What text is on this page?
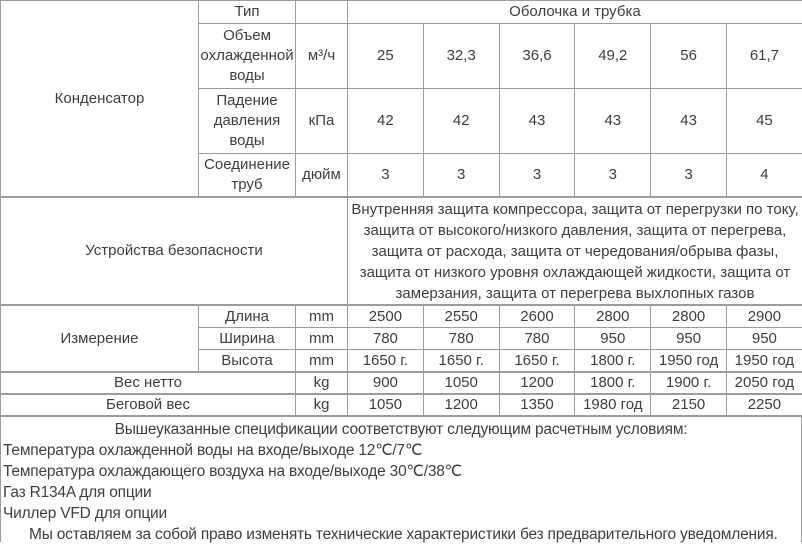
Конденсатор	Тип		Оболочка и трубка					
	Объем охлажденной воды	м³/ч	25	32,3	36,6	49,2	56	61,7
	Падение давления воды	кПа	42	42	43	43	43	45
	Соединение труб	дюйм	3	3	3	3	3	4
Устройства безопасности	
Внутренняя защита компрессора, защита от перегрузки по току,
защита от высокого/низкого давления, защита от перегрева,
защита от расхода, защита от чередования/обрыва фазы,
защита от низкого уровня охлаждающей жидкости, защита от
замерзания, защита от перегрева выхлопных газов
Измерение	Длина	mm	2500	2550	2600	2800	2800	2900
	Ширина	mm	780	780	780	950	950	950
	Высота	mm	1650 г.	1650 г.	1650 г.	1800 г.	1950 год	1950 год
Вес нетто	kg	900	1050	1200	1800 г.	1900 г.	2050 год
Беговой вес	kg	1050	1200	1350	1980 год	2150	2250
Вышеуказанные спецификации соответствуют следующим расчетным условиям:
Температура охлажденной воды на входе/выходе 12℃/7℃
Температура охлаждающего воздуха на входе/выходе 30℃/38℃
Газ R134A для опции
Чиллер VFD для опции
Мы оставляем за собой право изменять технические характеристики без предварительного уведомления.
